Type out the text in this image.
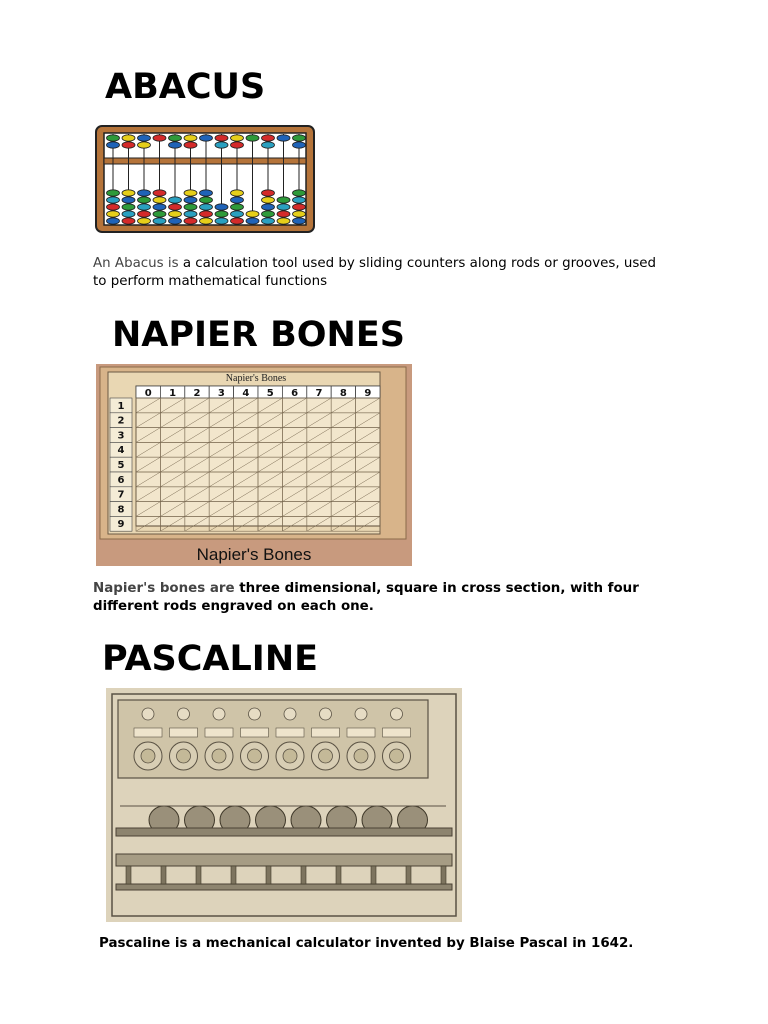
ABACUS

An Abacus is a calculation tool used by sliding counters along rods or grooves, used to perform mathematical functions

NAPIER BONES
Napier's Bones
0 1 2 3 4 5 6 7 8 9
1
2
3
4
5
6
7
8
9
Napier's Bones

Napier's bones are three dimensional, square in cross section, with four different rods engraved on each one.

PASCALINE

Pascaline is a mechanical calculator invented by Blaise Pascal in 1642.
